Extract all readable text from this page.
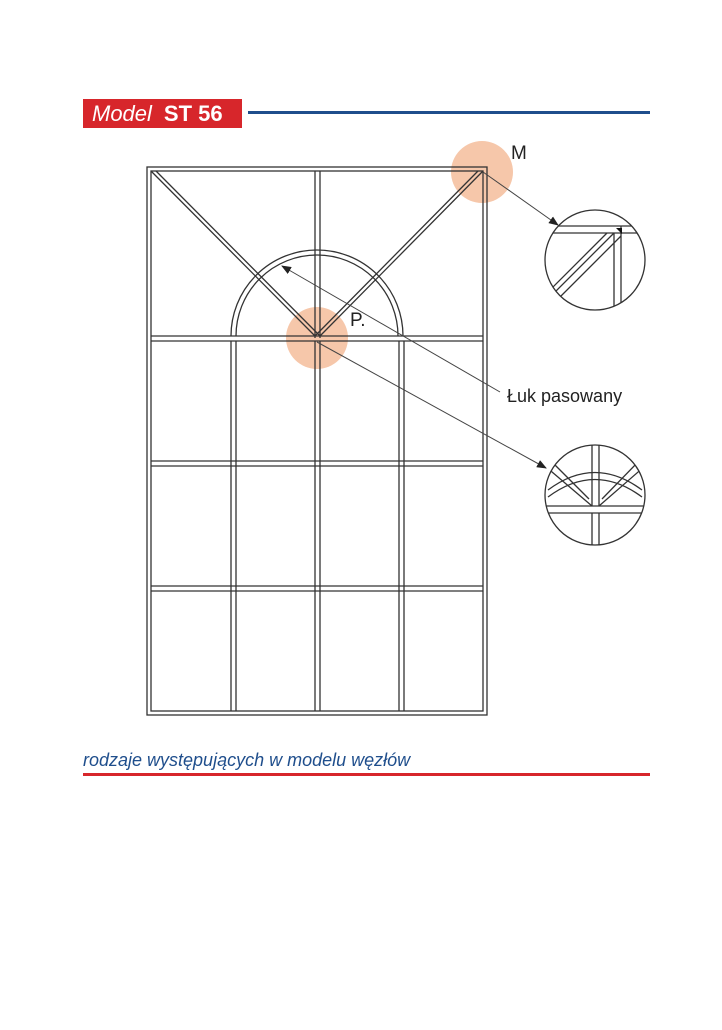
Model ST 56
M
P.
Łuk pasowany
rodzaje występujących w modelu węzłów
